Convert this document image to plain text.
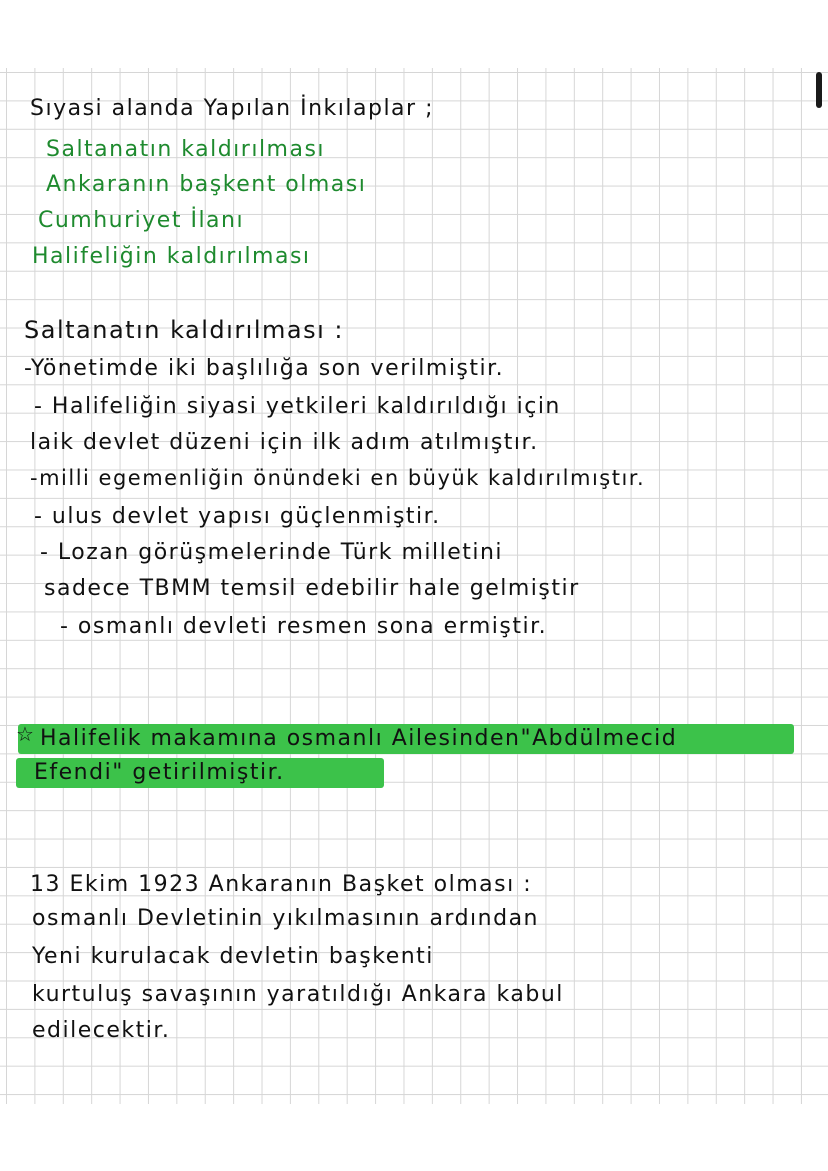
Sıyasi alanda Yapılan İnkılaplar ;
Saltanatın kaldırılması
Ankaranın başkent olması
Cumhuriyet İlanı
Halifeliğin kaldırılması
Saltanatın kaldırılması :
-Yönetimde iki başlılığa son verilmiştir.
- Halifeliğin siyasi yetkileri kaldırıldığı için
laik devlet düzeni için ilk adım atılmıştır.
-milli egemenliğin önündeki en büyük kaldırılmıştır.
- ulus devlet yapısı güçlenmiştir.
- Lozan görüşmelerinde Türk milletini
sadece TBMM temsil edebilir hale gelmiştir
- osmanlı devleti resmen sona ermiştir.
☆ Halifelik makamına osmanlı Ailesinden"Abdülmecid
Efendi" getirilmiştir.
13 Ekim 1923 Ankaranın Başket olması :
osmanlı Devletinin yıkılmasının ardından
Yeni kurulacak devletin başkenti
kurtuluş savaşının yaratıldığı Ankara kabul
edilecektir.
